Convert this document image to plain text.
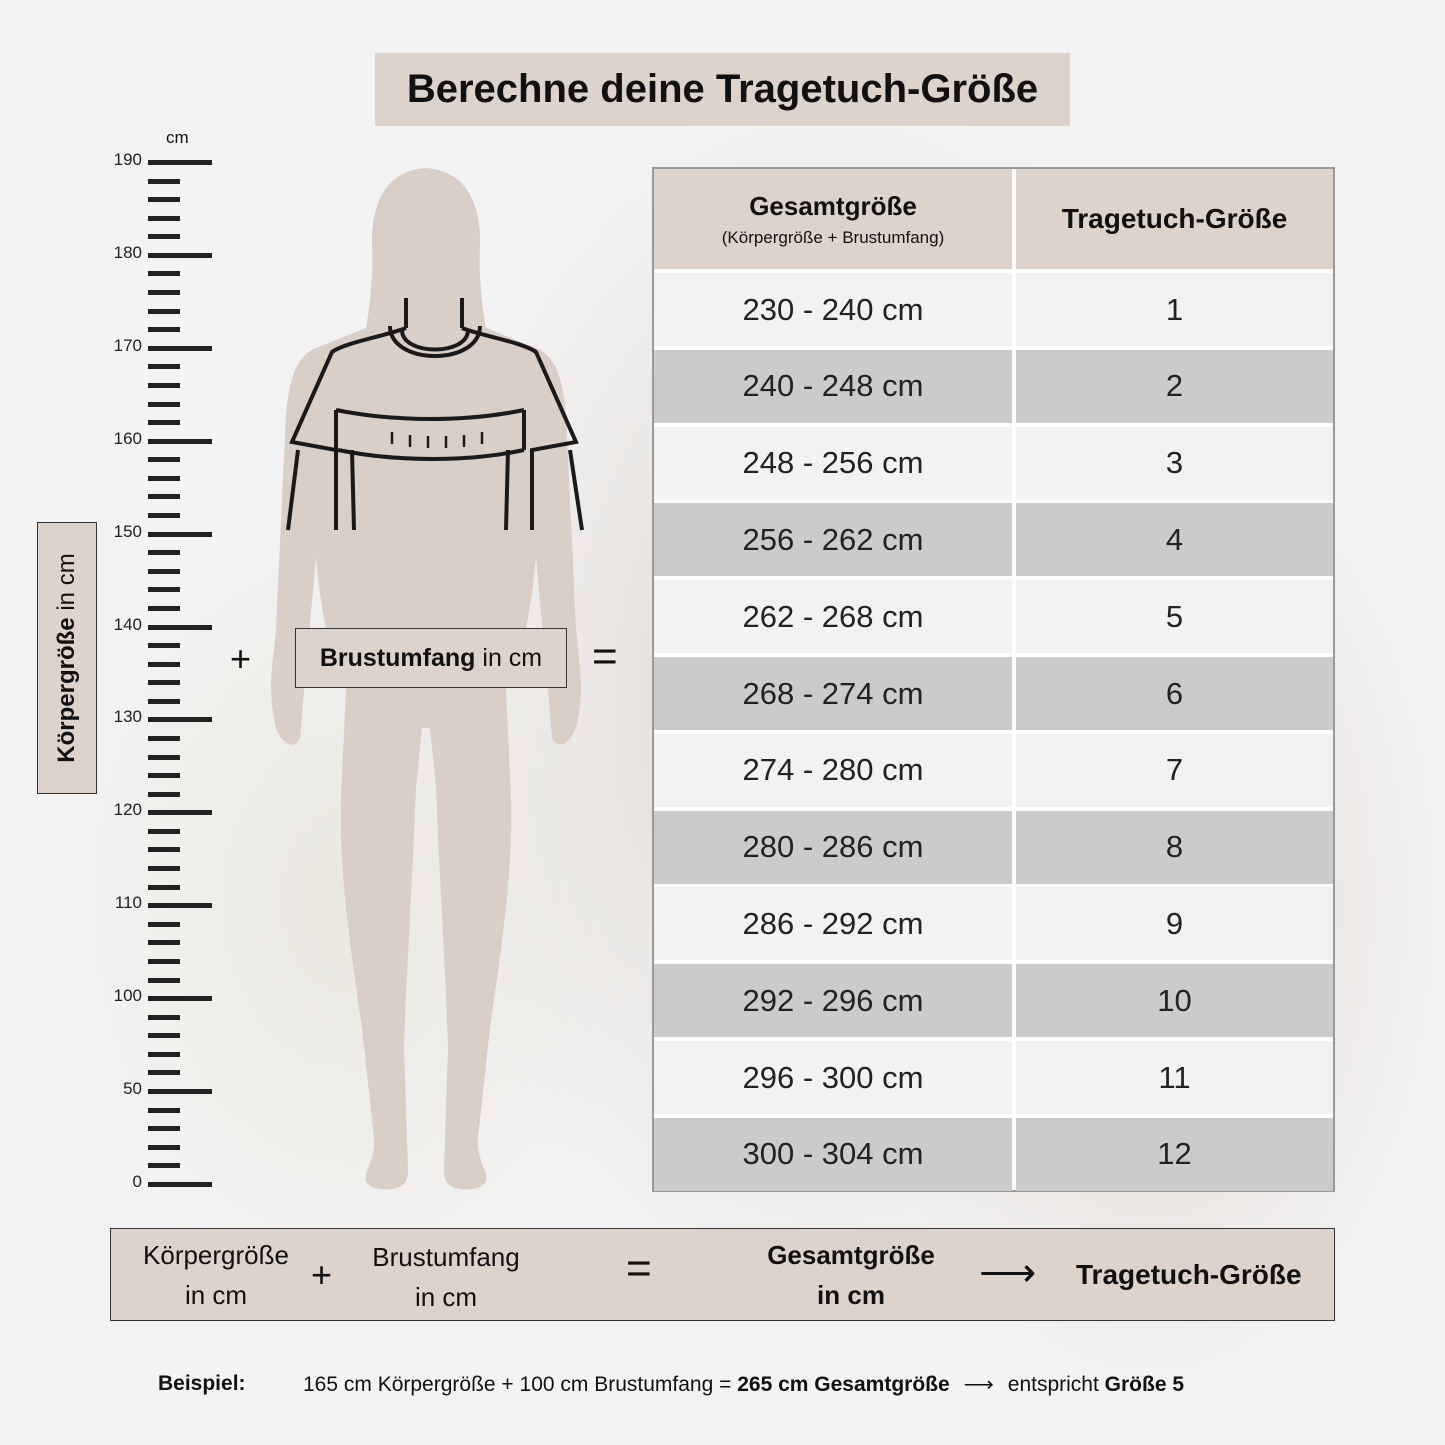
Berechne deine Tragetuch-Größe
cm
190
180
170
160
150
140
130
120
110
100
50
0
Körpergröße in cm
+	Brustumfang in cm =
Gesamtgröße
(Körpergröße + Brustumfang)
Tragetuch-Größe
230 - 240 cm	1
240 - 248 cm	2
248 - 256 cm	3
256 - 262 cm	4
262 - 268 cm	5
268 - 274 cm	6
274 - 280 cm	7
280 - 286 cm	8
286 - 292 cm	9
292 - 296 cm	10
296 - 300 cm	11
300 - 304 cm	12
Körpergröße
in cm	+	Brustumfang
in cm
=	Gesamtgröße
in cm	⟶ Tragetuch-Größe
Beispiel:	165 cm Körpergröße + 100 cm Brustumfang = 265 cm Gesamtgröße ⟶ entspricht Größe 5
